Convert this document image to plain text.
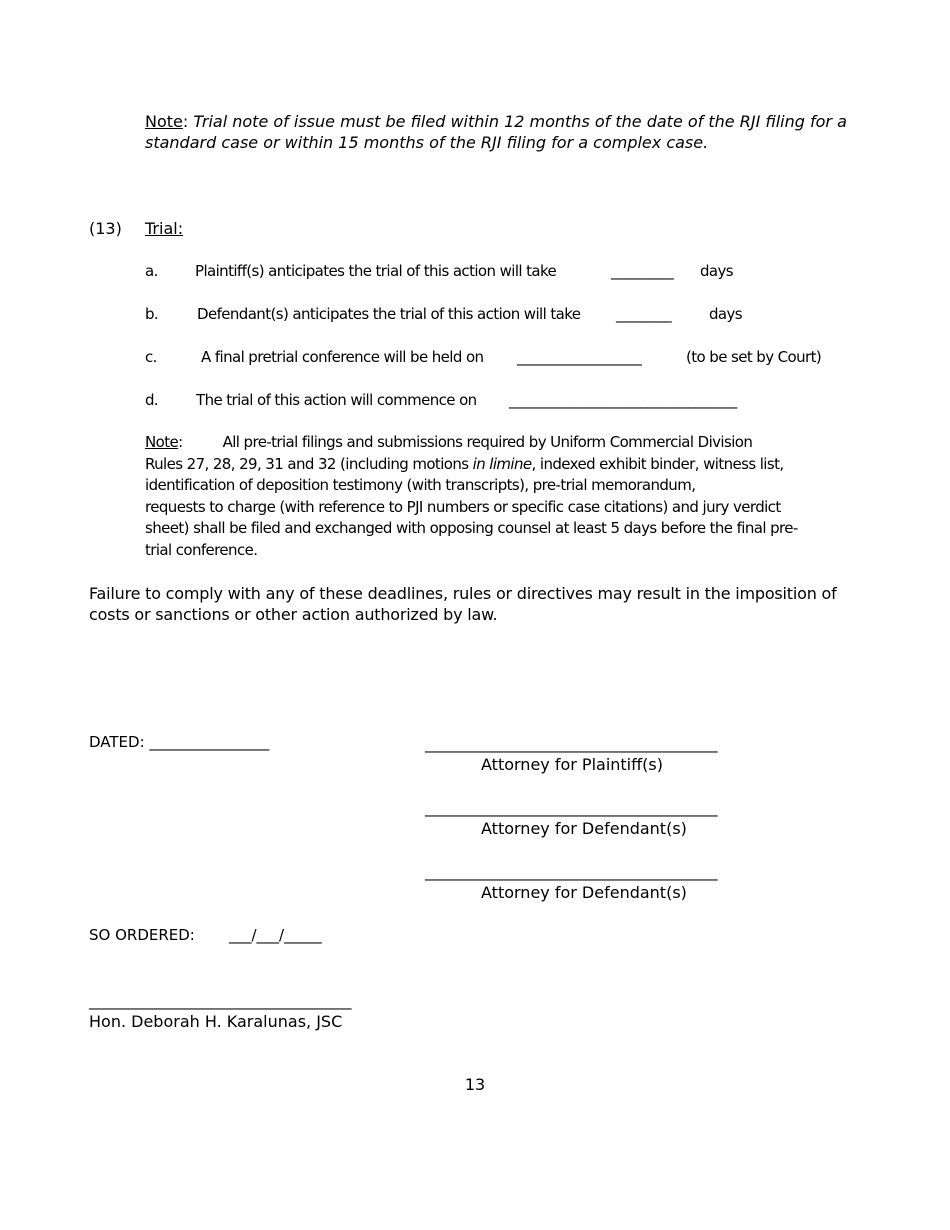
Note: Trial note of issue must be filed within 12 months of the date of the RJI filing for a
standard case or within 15 months of the RJI filing for a complex case.
(13) Trial:
a. Plaintiff(s) anticipates the trial of this action will take	_________ days
b.	Defendant(s) anticipates the trial of this action will take ________	days
c.	A final pretrial conference will be held on __________________	(to be set by Court)
d.	The trial of this action will commence on _________________________________
Note:	All pre-trial filings and submissions required by Uniform Commercial Division
Rules 27, 28, 29, 31 and 32 (including motions in limine, indexed exhibit binder, witness list,
identification of deposition testimony (with transcripts), pre-trial memorandum,
requests to charge (with reference to PJI numbers or specific case citations) and jury verdict
sheet) shall be filed and exchanged with opposing counsel at least 5 days before the final pre-
trial conference.
Failure to comply with any of these deadlines, rules or directives may result in the imposition of
costs or sanctions or other action authorized by law.
DATED: ________________	_______________________________________
Attorney for Plaintiff(s)
_______________________________________
Attorney for Defendant(s)
_______________________________________
Attorney for Defendant(s)
SO ORDERED: ___/___/_____
___________________________________
Hon. Deborah H. Karalunas, JSC
13
